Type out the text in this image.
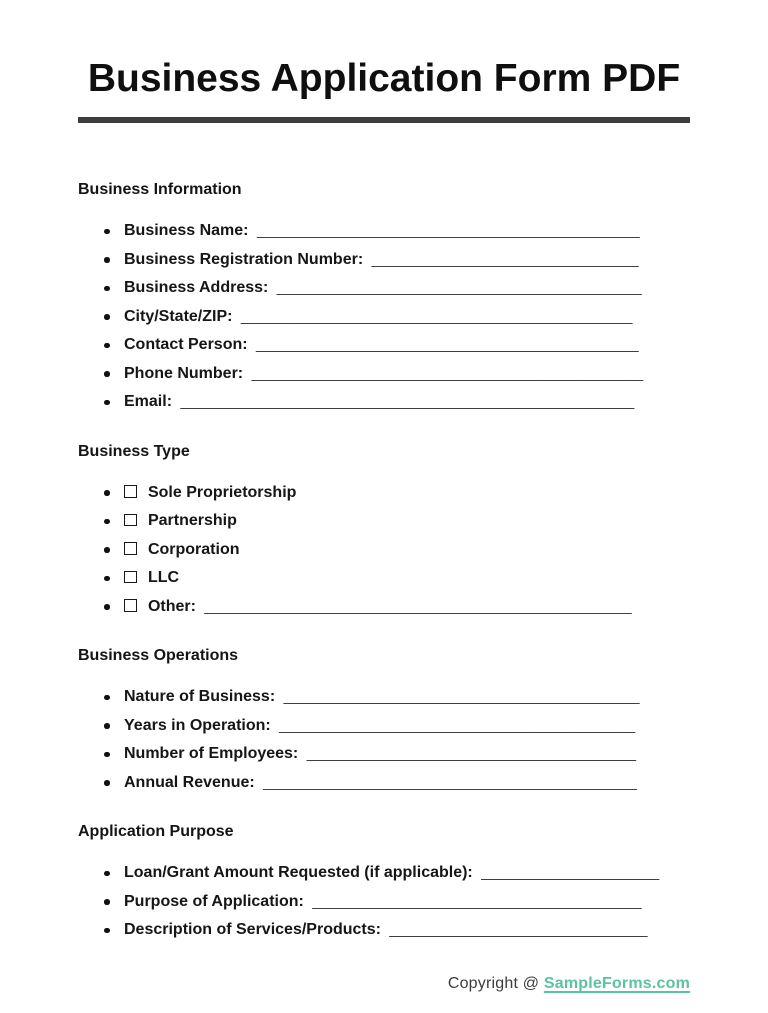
Business Application Form PDF
Business Information
Business Name: ___________________________________________
Business Registration Number: ______________________________
Business Address: _________________________________________
City/State/ZIP: ____________________________________________
Contact Person: ___________________________________________
Phone Number: ____________________________________________
Email: ___________________________________________________
Business Type
Sole Proprietorship
Partnership
Corporation
LLC
Other: ________________________________________________
Business Operations
Nature of Business: ________________________________________
Years in Operation: ________________________________________
Number of Employees: _____________________________________
Annual Revenue: __________________________________________
Application Purpose
Loan/Grant Amount Requested (if applicable): ____________________
Purpose of Application: _____________________________________
Description of Services/Products: _____________________________
Copyright @ SampleForms.com
